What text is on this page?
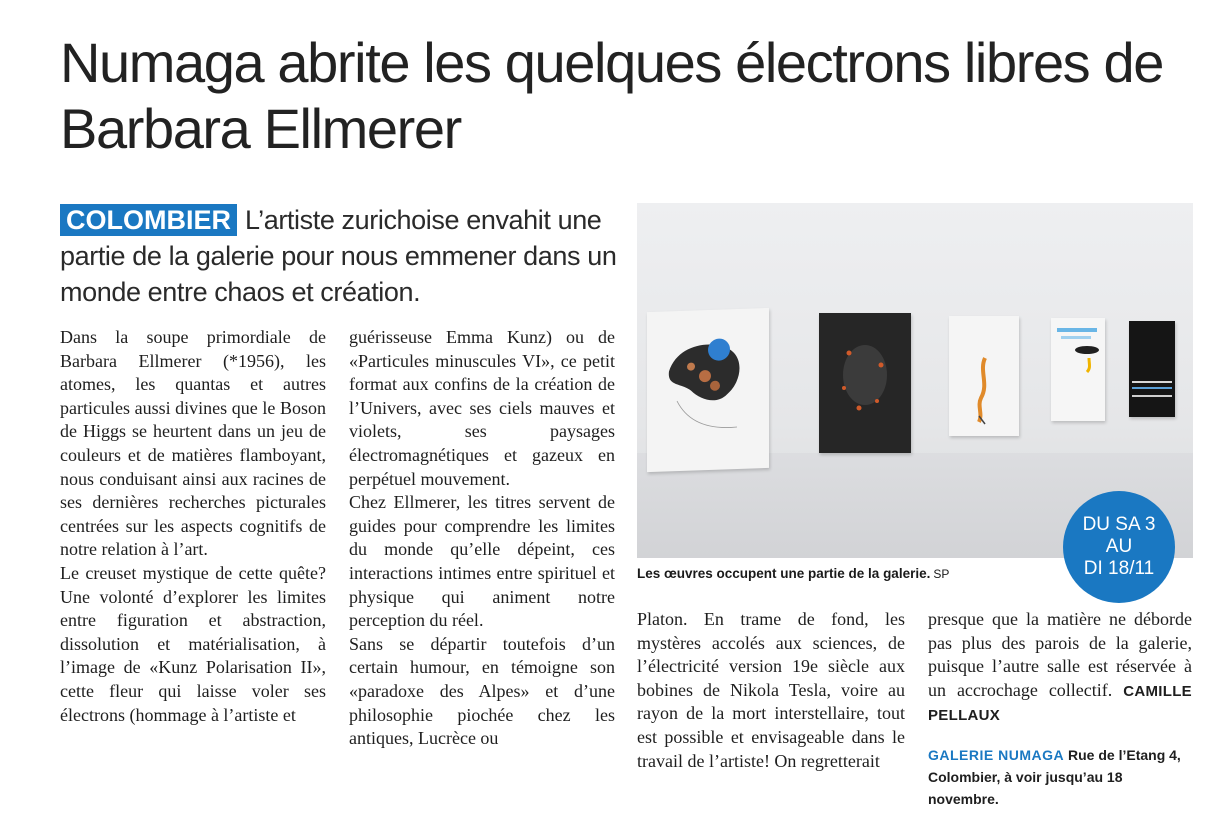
Numaga abrite les quelques électrons libres de Barbara Ellmerer

COLOMBIER L’artiste zurichoise envahit une partie de la galerie pour nous emmener dans un monde entre chaos et création.

Dans la soupe primordiale de Barbara Ellmerer (*1956), les atomes, les quantas et autres particules aussi divines que le Boson de Higgs se heurtent dans un jeu de couleurs et de matières flamboyant, nous conduisant ainsi aux racines de ses dernières recherches picturales centrées sur les aspects cognitifs de notre relation à l’art.

Le creuset mystique de cette quête? Une volonté d’explorer les limites entre figuration et abstraction, dissolution et matérialisation, à l’image de «Kunz Polarisation II», cette fleur qui laisse voler ses électrons (hommage à l’artiste et

guérisseuse Emma Kunz) ou de «Particules minuscules VI», ce petit format aux confins de la création de l’Univers, avec ses ciels mauves et violets, ses paysages électromagnétiques et gazeux en perpétuel mouvement.

Chez Ellmerer, les titres servent de guides pour comprendre les limites du monde qu’elle dépeint, ces interactions intimes entre spirituel et physique qui animent notre perception du réel.

Sans se départir toutefois d’un certain humour, en témoigne son «paradoxe des Alpes» et d’une philosophie piochée chez les antiques, Lucrèce ou

Les œuvres occupent une partie de la galerie. SP

DU SA 3
AU
DI 18/11

Platon. En trame de fond, les mystères accolés aux sciences, de l’électricité version 19e siècle aux bobines de Nikola Tesla, voire au rayon de la mort interstellaire, tout est possible et envisageable dans le travail de l’artiste! On regretterait

presque que la matière ne déborde pas plus des parois de la galerie, puisque l’autre salle est réservée à un accrochage collectif. CAMILLE PELLAUX

GALERIE NUMAGA Rue de l’Etang 4, Colombier, à voir jusqu’au 18 novembre.
